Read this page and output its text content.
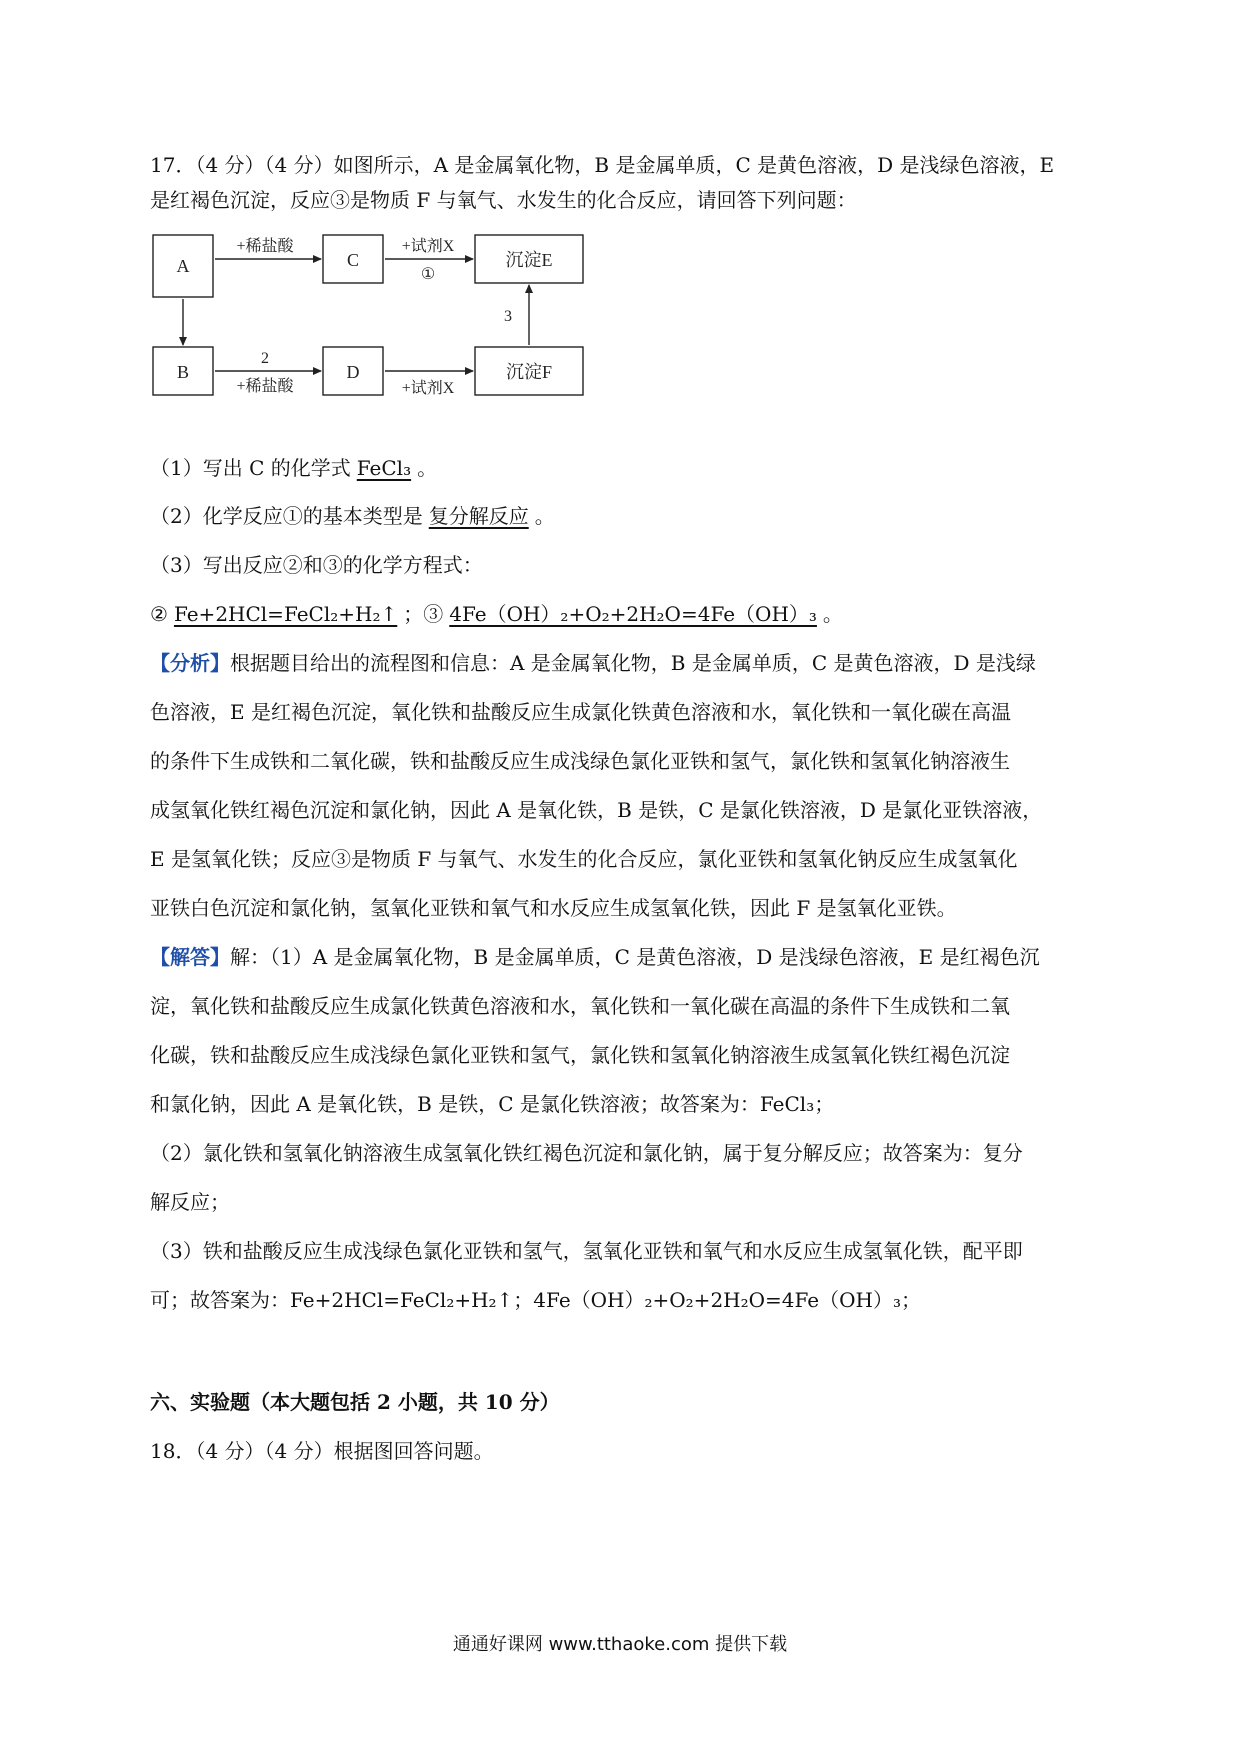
17．（4 分）（4 分）如图所示，A 是金属氧化物，B 是金属单质，C 是黄色溶液，D 是浅绿色溶液，E
是红褐色沉淀，反应③是物质 F 与氧气、水发生的化合反应，请回答下列问题：
A	C	沉淀E
B	D	沉淀F
+稀盐酸	+试剂X
①
2
+稀盐酸	+试剂X
3
（1）写出 C 的化学式 FeCl₃ 。
（2）化学反应①的基本类型是 复分解反应 。
（3）写出反应②和③的化学方程式：
② Fe+2HCl=FeCl₂+H₂↑ ；③ 4Fe（OH）₂+O₂+2H₂O=4Fe（OH）₃ 。
【分析】根据题目给出的流程图和信息：A 是金属氧化物，B 是金属单质，C 是黄色溶液，D 是浅绿
色溶液，E 是红褐色沉淀，氧化铁和盐酸反应生成氯化铁黄色溶液和水，氧化铁和一氧化碳在高温
的条件下生成铁和二氧化碳，铁和盐酸反应生成浅绿色氯化亚铁和氢气，氯化铁和氢氧化钠溶液生
成氢氧化铁红褐色沉淀和氯化钠，因此 A 是氧化铁，B 是铁，C 是氯化铁溶液，D 是氯化亚铁溶液，
E 是氢氧化铁；反应③是物质 F 与氧气、水发生的化合反应，氯化亚铁和氢氧化钠反应生成氢氧化
亚铁白色沉淀和氯化钠，氢氧化亚铁和氧气和水反应生成氢氧化铁，因此 F 是氢氧化亚铁。
【解答】解：（1）A 是金属氧化物，B 是金属单质，C 是黄色溶液，D 是浅绿色溶液，E 是红褐色沉
淀，氧化铁和盐酸反应生成氯化铁黄色溶液和水，氧化铁和一氧化碳在高温的条件下生成铁和二氧
化碳，铁和盐酸反应生成浅绿色氯化亚铁和氢气，氯化铁和氢氧化钠溶液生成氢氧化铁红褐色沉淀
和氯化钠，因此 A 是氧化铁，B 是铁，C 是氯化铁溶液；故答案为：FeCl₃；
（2）氯化铁和氢氧化钠溶液生成氢氧化铁红褐色沉淀和氯化钠，属于复分解反应；故答案为：复分
解反应；
（3）铁和盐酸反应生成浅绿色氯化亚铁和氢气，氢氧化亚铁和氧气和水反应生成氢氧化铁，配平即
可；故答案为：Fe+2HCl=FeCl₂+H₂↑；4Fe（OH）₂+O₂+2H₂O=4Fe（OH）₃；
六、实验题（本大题包括 2 小题，共 10 分）
18．（4 分）（4 分）根据图回答问题。
通通好课网 www.tthaoke.com 提供下载
